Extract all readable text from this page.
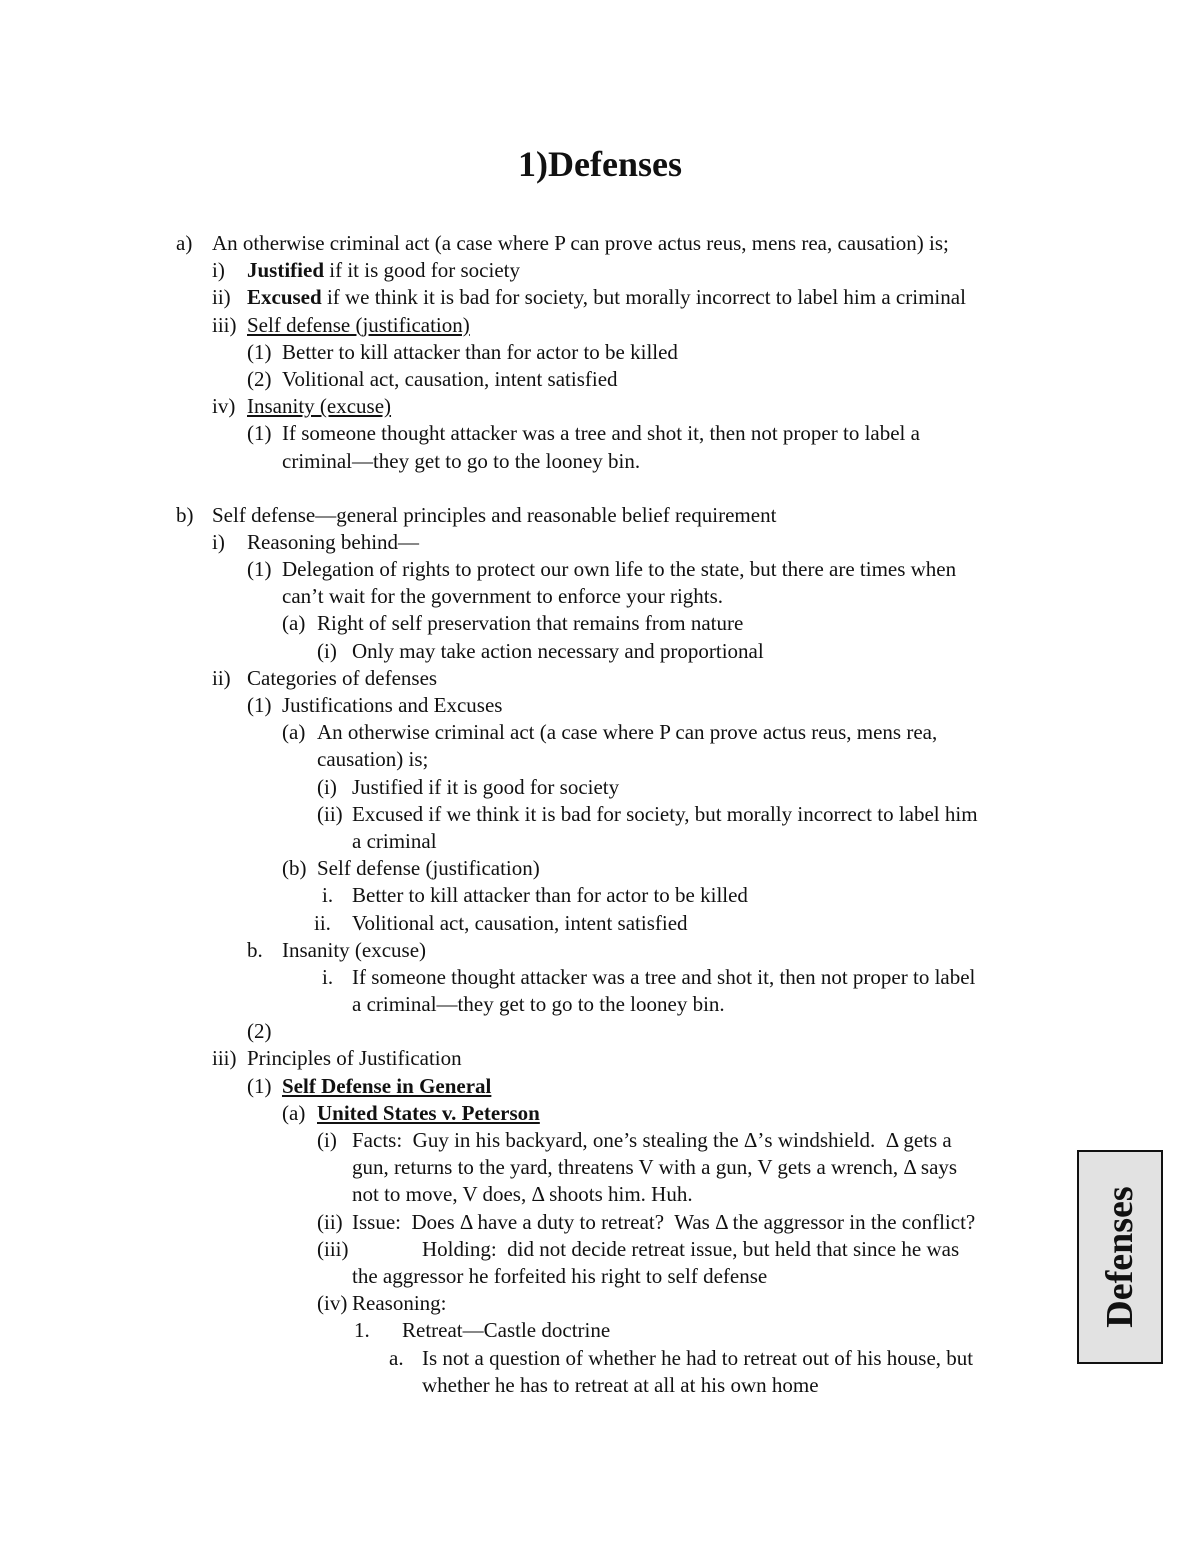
1)Defenses
a) An otherwise criminal act (a case where P can prove actus reus, mens rea, causation) is;
i) Justified if it is good for society
ii) Excused if we think it is bad for society, but morally incorrect to label him a criminal
iii) Self defense (justification)
(1) Better to kill attacker than for actor to be killed
(2) Volitional act, causation, intent satisfied
iv) Insanity (excuse)
(1) If someone thought attacker was a tree and shot it, then not proper to label a
criminal—they get to go to the looney bin.
b) Self defense—general principles and reasonable belief requirement
i) Reasoning behind—
(1) Delegation of rights to protect our own life to the state, but there are times when
can’t wait for the government to enforce your rights.
(a) Right of self preservation that remains from nature
(i) Only may take action necessary and proportional
ii) Categories of defenses
(1) Justifications and Excuses
(a) An otherwise criminal act (a case where P can prove actus reus, mens rea,
causation) is;
(i) Justified if it is good for society
(ii) Excused if we think it is bad for society, but morally incorrect to label him
a criminal
(b) Self defense (justification)
i. Better to kill attacker than for actor to be killed
ii. Volitional act, causation, intent satisfied
b. Insanity (excuse)
i. If someone thought attacker was a tree and shot it, then not proper to label
a criminal—they get to go to the looney bin.
(2)
iii) Principles of Justification
(1) Self Defense in General
(a) United States v. Peterson
(i) Facts:  Guy in his backyard, one’s stealing the Δ’s windshield.  Δ gets a
gun, returns to the yard, threatens V with a gun, V gets a wrench, Δ says
not to move, V does, Δ shoots him. Huh.
(ii) Issue:  Does Δ have a duty to retreat?  Was Δ the aggressor in the conflict?
(iii)	Holding:  did not decide retreat issue, but held that since he was
the aggressor he forfeited his right to self defense
(iv) Reasoning:
1. Retreat—Castle doctrine
a. Is not a question of whether he had to retreat out of his house, but
whether he has to retreat at all at his own home
Defenses
